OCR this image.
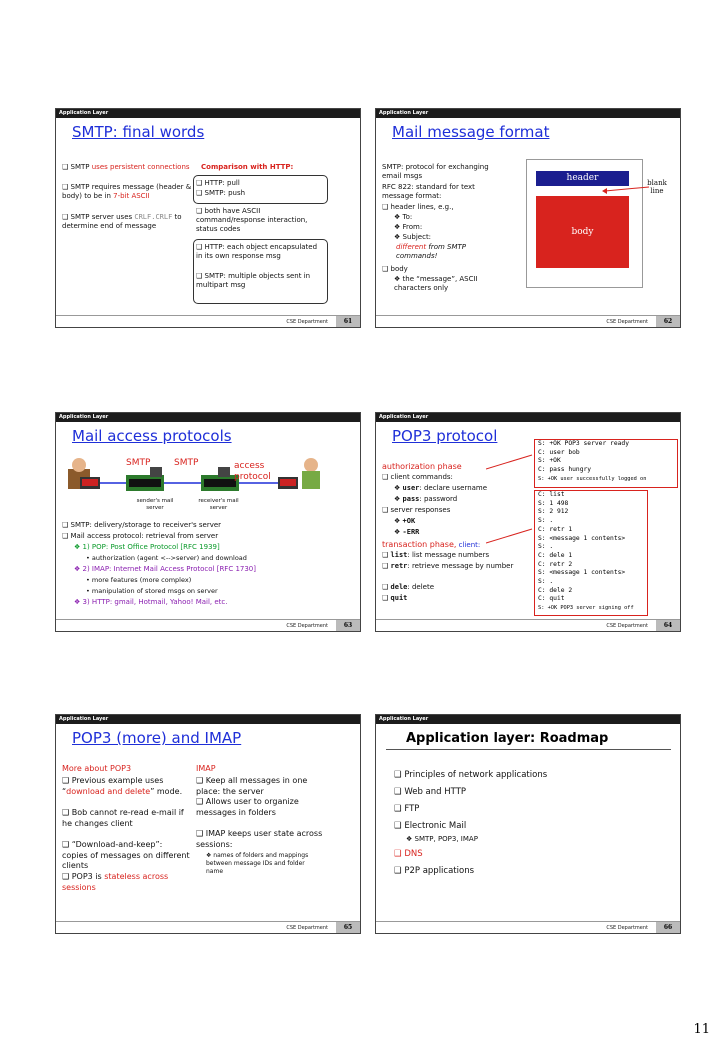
Application Layer
SMTP: final words
❑ SMTP uses persistent connections
❑ SMTP requires message (header & body) to be in 7-bit ASCII
❑ SMTP server uses CRLF.CRLF to determine end of message
Comparison with HTTP:
❑ HTTP: pull
❑ SMTP: push
❑ both have ASCII command/response interaction, status codes
❑ HTTP: each object encapsulated in its own response msg
❑ SMTP: multiple objects sent in multipart msg
CSE Department	61
Application Layer
Mail message format
SMTP: protocol for exchanging email msgs
RFC 822: standard for text message format:
❑ header lines, e.g.,
❖ To:
❖ From:
❖ Subject:
different from SMTP commands!
❑ body
❖ the “message”, ASCII characters only
header
body
blank line
CSE Department	62
Application Layer
Mail access protocols
SMTP	SMTP	access protocol
sender's mail server
receiver's mail server
❑ SMTP: delivery/storage to receiver's server
❑ Mail access protocol: retrieval from server
❖ 1) POP: Post Office Protocol [RFC 1939]
• authorization (agent <-->server) and download
❖ 2) IMAP: Internet Mail Access Protocol [RFC 1730]
• more features (more complex)
• manipulation of stored msgs on server
❖ 3) HTTP: gmail, Hotmail, Yahoo! Mail, etc.
CSE Department	63
Application Layer
POP3 protocol
authorization phase
❑ client commands:
❖ user: declare username
❖ pass: password
❑ server responses
❖ +OK
❖ -ERR
transaction phase, client:
❑ list: list message numbers
❑ retr: retrieve message by number
❑ dele: delete
❑ quit
S: +OK POP3 server ready
C: user bob
S: +OK
C: pass hungry
S: +OK user successfully logged on
C: list
S: 1 498
S: 2 912
S: .
C: retr 1
S: <message 1 contents>
S: .
C: dele 1
C: retr 2
S: <message 1 contents>
S: .
C: dele 2
C: quit
S: +OK POP3 server signing off
CSE Department	64
Application Layer
POP3 (more) and IMAP
More about POP3
❑ Previous example uses “download and delete” mode.
❑ Bob cannot re-read e-mail if he changes client
❑ “Download-and-keep”: copies of messages on different clients
❑ POP3 is stateless across sessions
IMAP
❑ Keep all messages in one place: the server
❑ Allows user to organize messages in folders
❑ IMAP keeps user state across sessions:
❖ names of folders and mappings between message IDs and folder name
CSE Department	65
Application Layer
Application layer: Roadmap
❑ Principles of network applications
❑ Web and HTTP
❑ FTP
❑ Electronic Mail
❖ SMTP, POP3, IMAP
❑ DNS
❑ P2P applications
CSE Department	66
11
